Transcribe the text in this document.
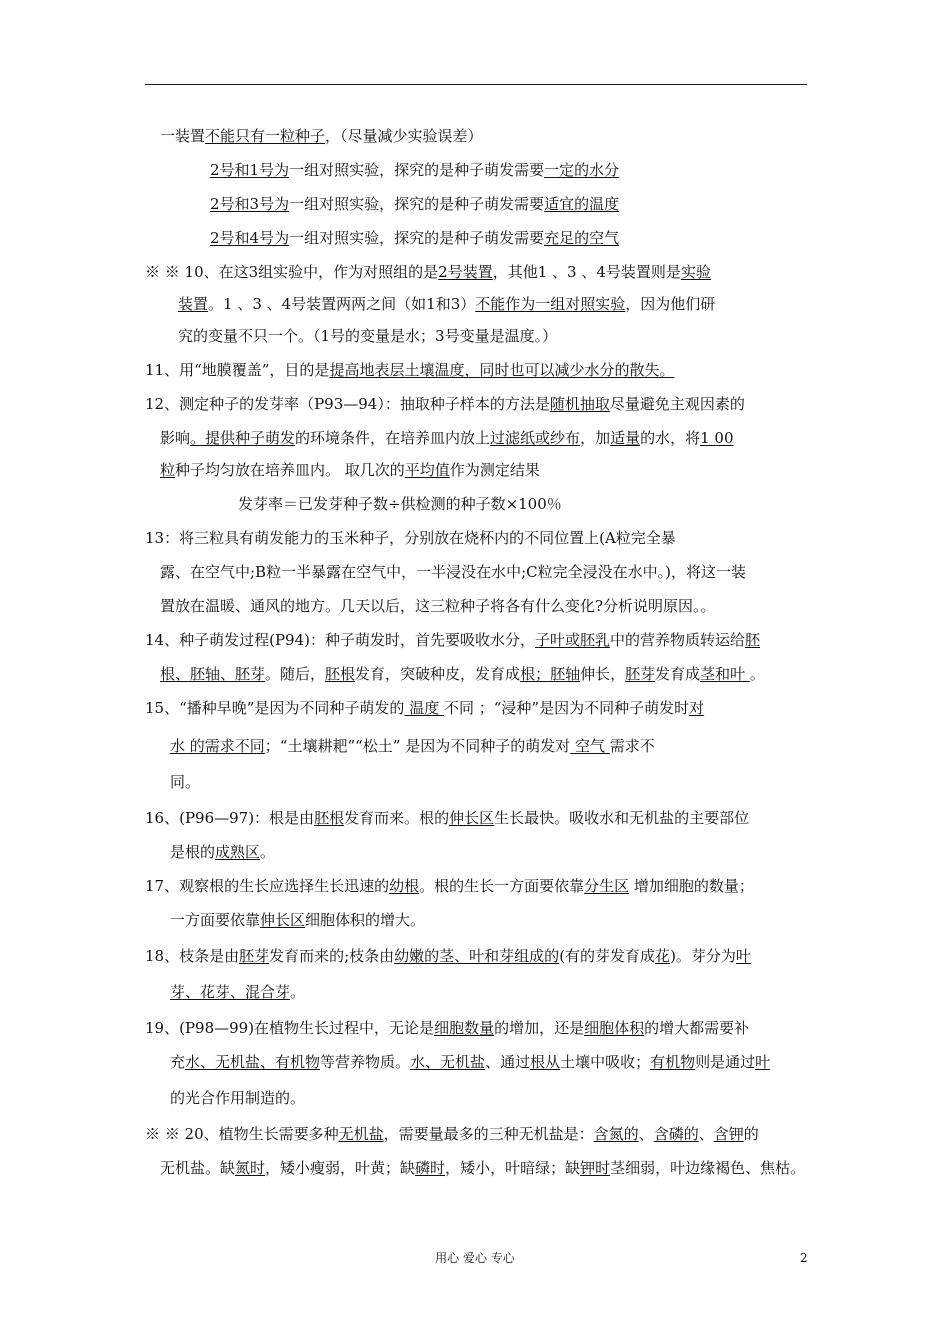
一装置不能只有一粒种子，（尽量减少实验误差）
2号和1号为一组对照实验，探究的是种子萌发需要一定的水分
2号和3号为一组对照实验，探究的是种子萌发需要适宜的温度
2号和4号为一组对照实验，探究的是种子萌发需要充足的空气
※ ※ 10、在这3组实验中，作为对照组的是2号装置，其他1 、3 、4号装置则是实验
装置。1 、3 、4号装置两两之间（如1和3）不能作为一组对照实验，因为他们研
究的变量不只一个。（1号的变量是水；3号变量是温度。）
11、用“地膜覆盖”，目的是提高地表层土壤温度，同时也可以减少水分的散失。
12、测定种子的发芽率（P93—94）：抽取种子样本的方法是随机抽取尽量避免主观因素的
影响。提供种子萌发的环境条件，在培养皿内放上过滤纸或纱布，加适量的水，将1 00
粒种子均匀放在培养皿内。 取几次的平均值作为测定结果
发芽率＝已发芽种子数÷供检测的种子数×100％
13：将三粒具有萌发能力的玉米种子，分别放在烧杯内的不同位置上(A粒完全暴
露、在空气中;B粒一半暴露在空气中，一半浸没在水中;C粒完全浸没在水中。)，将这一装
置放在温暖、通风的地方。几天以后，这三粒种子将各有什么变化?分析说明原因。。
14、种子萌发过程(P94)：种子萌发时，首先要吸收水分，子叶或胚乳中的营养物质转运给胚
根、胚轴、胚芽。随后，胚根发育，突破种皮，发育成根；胚轴伸长，胚芽发育成茎和叶 。
15、“播种早晚”是因为不同种子萌发的 温度 不同 ；“浸种”是因为不同种子萌发时对
水 的需求不同；“土壤耕耙”“松土” 是因为不同种子的萌发对 空气 需求不
同。
16、(P96—97)：根是由胚根发育而来。根的伸长区生长最快。吸收水和无机盐的主要部位
是根的成熟区。
17、观察根的生长应选择生长迅速的幼根。根的生长一方面要依靠分生区 增加细胞的数量；
一方面要依靠伸长区细胞体积的增大。
18、枝条是由胚芽发育而来的;枝条由幼嫩的茎、叶和芽组成的(有的芽发育成花)。芽分为叶
芽、花芽、混合芽。
19、(P98—99)在植物生长过程中，无论是细胞数量的增加，还是细胞体积的增大都需要补
充水、无机盐、有机物等营养物质。水、无机盐、通过根从土壤中吸收；有机物则是通过叶
的光合作用制造的。
※ ※ 20、植物生长需要多种无机盐，需要量最多的三种无机盐是：含氮的、含磷的、含钾的
无机盐。缺氮时，矮小瘦弱，叶黄；缺磷时，矮小，叶暗绿；缺钾时茎细弱，叶边缘褐色、焦枯。
用心 爱心 专心	2
